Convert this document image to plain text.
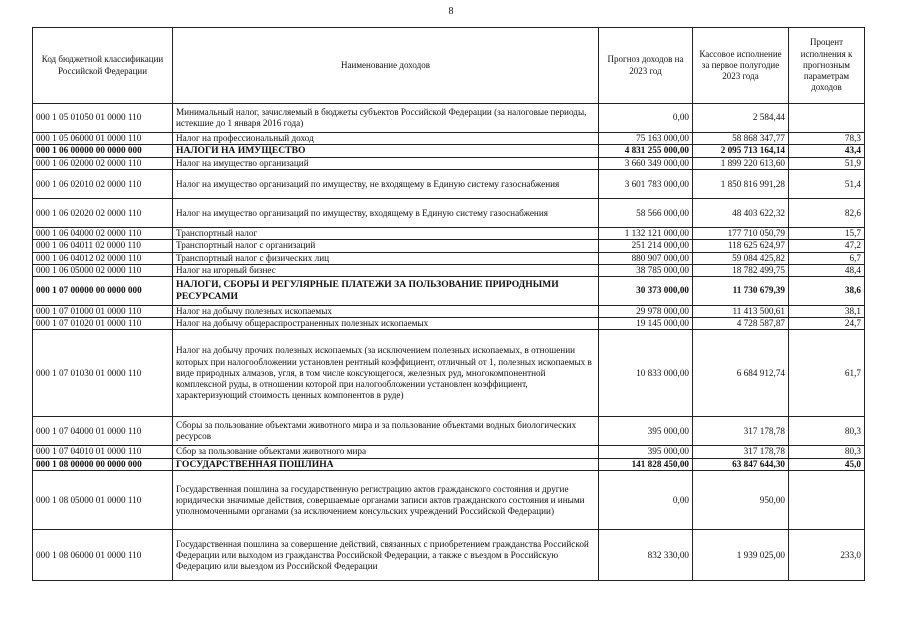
8
Код бюджетной классификации Российской Федерации	Наименование доходов	Прогноз доходов на 2023 год	Кассовое исполнение за первое полугодие 2023 года	Процент исполнения к прогнозным параметрам доходов
000 1 05 01050 01 0000 110	Минимальный налог, зачисляемый в бюджеты субъектов Российской Федерации (за налоговые периоды, истекшие до 1 января 2016 года)	0,00	2 584,44	
000 1 05 06000 01 0000 110	Налог на профессиональный доход	75 163 000,00	58 868 347,77	78,3
000 1 06 00000 00 0000 000	НАЛОГИ НА ИМУЩЕСТВО	4 831 255 000,00	2 095 713 164,14	43,4
000 1 06 02000 02 0000 110	Налог на имущество организаций	3 660 349 000,00	1 899 220 613,60	51,9
000 1 06 02010 02 0000 110	Налог на имущество организаций по имуществу, не входящему в Единую систему газоснабжения	3 601 783 000,00	1 850 816 991,28	51,4
000 1 06 02020 02 0000 110	Налог на имущество организаций по имуществу, входящему в Единую систему газоснабжения	58 566 000,00	48 403 622,32	82,6
000 1 06 04000 02 0000 110	Транспортный налог	1 132 121 000,00	177 710 050,79	15,7
000 1 06 04011 02 0000 110	Транспортный налог с организаций	251 214 000,00	118 625 624,97	47,2
000 1 06 04012 02 0000 110	Транспортный налог с физических лиц	880 907 000,00	59 084 425,82	6,7
000 1 06 05000 02 0000 110	Налог на игорный бизнес	38 785 000,00	18 782 499,75	48,4
000 1 07 00000 00 0000 000	НАЛОГИ, СБОРЫ И РЕГУЛЯРНЫЕ ПЛАТЕЖИ ЗА ПОЛЬЗОВАНИЕ ПРИРОДНЫМИ РЕСУРСАМИ	30 373 000,00	11 730 679,39	38,6
000 1 07 01000 01 0000 110	Налог на добычу полезных ископаемых	29 978 000,00	11 413 500,61	38,1
000 1 07 01020 01 0000 110	Налог на добычу общераспространенных полезных ископаемых	19 145 000,00	4 728 587,87	24,7
000 1 07 01030 01 0000 110	Налог на добычу прочих полезных ископаемых (за исключением полезных ископаемых, в отношении которых при налогообложении установлен рентный коэффициент, отличный от 1, полезных ископаемых в виде природных алмазов, угля, в том числе коксующегося, железных руд, многокомпонентной комплексной руды, в отношении которой при налогообложении установлен коэффициент, характеризующий стоимость ценных компонентов в руде)	10 833 000,00	6 684 912,74	61,7
000 1 07 04000 01 0000 110	Сборы за пользование объектами животного мира и за пользование объектами водных биологических ресурсов	395 000,00	317 178,78	80,3
000 1 07 04010 01 0000 110	Сбор за пользование объектами животного мира	395 000,00	317 178,78	80,3
000 1 08 00000 00 0000 000	ГОСУДАРСТВЕННАЯ ПОШЛИНА	141 828 450,00	63 847 644,30	45,0
000 1 08 05000 01 0000 110	Государственная пошлина за государственную регистрацию актов гражданского состояния и другие юридически значимые действия, совершаемые органами записи актов гражданского состояния и иными уполномоченными органами (за исключением консульских учреждений Российской Федерации)	0,00	950,00	
000 1 08 06000 01 0000 110	Государственная пошлина за совершение действий, связанных с приобретением гражданства Российской Федерации или выходом из гражданства Российской Федерации, а также с въездом в Российскую Федерацию или выездом из Российской Федерации	832 330,00	1 939 025,00	233,0
